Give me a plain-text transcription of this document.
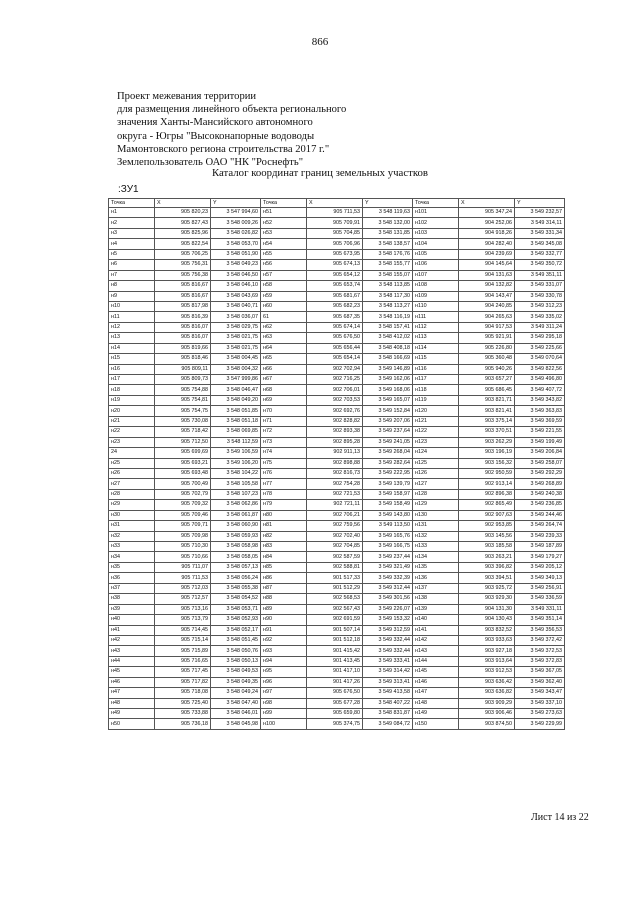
866
Проект межевания территории
для размещения линейного объекта регионального
значения Ханты-Мансийского автономного
округа - Югры "Высоконапорные водоводы
Мамонтовского региона строительства 2017 г."
Землепользователь ОАО "НК "Роснефть"
Каталог координат границ земельных участков
:ЗУ1
Точка	X	Y	Точка	X	Y	Точка	X	Y
н1	905 820,23	3 547 994,60	н51	905 711,53	3 548 119,63	н101	905 347,24	3 549 232,57
н2	905 827,43	3 548 009,26	н52	905 709,91	3 548 132,00	н102	904 252,06	3 549 314,11
н3	905 825,96	3 548 026,82	н53	905 704,85	3 548 131,85	н103	904 918,26	3 549 331,34
н4	905 822,54	3 548 053,70	н54	905 706,96	3 548 138,57	н104	904 282,40	3 549 345,08
н5	905 706,25	3 548 051,90	н55	905 673,95	3 548 176,76	н105	904 239,69	3 549 332,77
н6	905 756,31	3 548 049,23	н56	905 674,13	3 548 155,77	н106	904 145,64	3 549 350,72
н7	905 756,38	3 548 046,50	н57	905 654,12	3 548 155,07	н107	904 131,63	3 549 351,11
н8	905 816,67	3 548 046,10	н58	905 653,74	3 548 113,85	н108	904 132,82	3 549 331,07
н9	905 816,67	3 548 043,69	н59	905 681,67	3 548 117,30	н109	904 143,47	3 549 330,78
н10	905 817,98	3 548 040,71	н60	905 682,23	3 548 113,27	н110	904 240,85	3 549 312,23
н11	905 816,39	3 548 036,07	61	905 687,35	3 548 116,19	н111	904 265,63	3 549 335,02
н12	905 816,07	3 548 029,75	н62	905 674,14	3 548 157,41	н112	904 917,53	3 549 311,24
н13	905 816,07	3 548 021,75	н63	905 676,50	3 548 412,02	н113	905 921,91	3 549 295,18
н14	905 819,66	3 548 021,75	н64	905 656,44	3 548 408,18	н114	905 226,80	3 549 225,66
н15	905 818,46	3 548 004,45	н65	905 654,14	3 548 166,69	н115	905 360,48	3 549 070,64
н16	905 809,11	3 548 004,32	н66	902 702,94	3 549 146,89	н116	905 940,26	3 549 822,56
н17	905 809,73	3 547 999,86	н67	902 716,25	3 549 162,06	н117	903 657,27	3 549 496,80
н18	905 754,88	3 548 046,47	н68	902 706,01	3 549 168,06	н118	905 686,45	3 549 407,72
н19	905 754,81	3 548 049,20	н69	902 703,53	3 549 165,07	н119	903 821,71	3 549 343,82
н20	905 754,75	3 548 051,85	н70	902 692,76	3 549 152,84	н120	903 821,41	3 549 363,83
н21	905 730,08	3 548 051,18	н71	902 828,82	3 549 207,06	н121	903 375,14	3 549 369,59
н22	905 718,42	3 548 069,85	н72	902 893,38	3 549 237,64	н122	903 370,51	3 549 221,55
н23	905 712,50	3 548 112,59	н73	902 895,28	3 549 241,05	н123	903 262,29	3 549 199,49
24	905 699,69	3 549 106,59	н74	902 911,13	3 549 268,04	н124	903 196,19	3 549 206,84
н25	905 693,21	3 549 106,20	н75	902 898,88	3 549 282,64	н125	903 156,32	3 549 258,07
н26	905 693,48	3 548 104,22	н76	902 816,73	3 549 222,95	н126	902 950,59	3 549 292,29
н27	905 700,49	3 548 105,58	н77	902 754,28	3 549 139,79	н127	902 913,14	3 549 268,89
н28	905 702,79	3 548 107,23	н78	902 721,53	3 549 158,97	н128	902 896,38	3 549 240,38
н29	905 709,32	3 548 062,86	н79	902 721,11	3 549 158,49	н129	902 865,49	3 549 236,85
н30	905 709,46	3 548 061,87	н80	902 706,21	3 549 143,80	н130	902 907,63	3 549 244,46
н31	905 709,71	3 548 060,90	н81	902 759,56	3 549 113,50	н131	902 953,85	3 549 264,74
н32	905 709,98	3 548 059,93	н82	902 702,40	3 549 165,76	н132	903 145,56	3 549 239,33
н33	905 710,30	3 548 058,98	н83	902 704,85	3 549 166,75	н133	903 185,58	3 549 187,89
н34	905 710,66	3 548 058,05	н84	902 587,59	3 549 237,44	н134	903 263,21	3 549 179,27
н35	905 711,07	3 548 057,13	н85	902 588,81	3 549 321,49	н135	903 396,82	3 549 205,12
н36	905 711,53	3 548 056,24	н86	901 517,33	3 549 332,39	н136	903 394,51	3 549 349,13
н37	905 712,03	3 548 055,38	н87	901 512,29	3 549 312,44	н137	903 925,72	3 549 256,91
н38	905 712,57	3 548 054,52	н88	902 568,53	3 549 301,56	н138	903 929,30	3 549 336,59
н39	905 713,16	3 548 053,71	н89	902 567,43	3 549 226,07	н139	904 131,30	3 549 331,11
н40	905 713,79	3 548 052,93	н90	902 691,59	3 549 153,32	н140	904 130,43	3 549 351,14
н41	905 714,45	3 548 052,17	н91	901 507,14	3 549 312,59	н141	903 832,52	3 549 356,53
н42	905 715,14	3 548 051,45	н92	901 512,18	3 549 332,44	н142	903 933,63	3 549 372,42
н43	905 715,89	3 548 050,76	н93	901 415,42	3 549 332,44	н143	903 927,18	3 549 372,53
н44	905 716,65	3 548 050,13	н94	901 413,45	3 549 333,41	н144	903 913,64	3 549 372,83
н45	905 717,45	3 548 049,53	н95	901 417,10	3 549 314,42	н145	903 912,53	3 549 367,05
н46	905 717,82	3 548 049,35	н96	901 417,26	3 549 313,41	н146	903 636,42	3 549 362,40
н47	905 718,08	3 548 049,24	н97	905 676,50	3 549 413,58	н147	903 636,82	3 549 343,47
н48	905 725,40	3 548 047,40	н98	905 677,28	3 548 407,22	н148	903 909,29	3 549 337,10
н49	905 733,88	3 548 046,01	н99	905 659,80	3 548 831,87	н149	903 906,46	3 549 273,63
н50	905 736,18	3 548 045,98	н100	905 374,75	3 549 084,72	н150	903 874,50	3 549 229,99
Лист 14 из 22
